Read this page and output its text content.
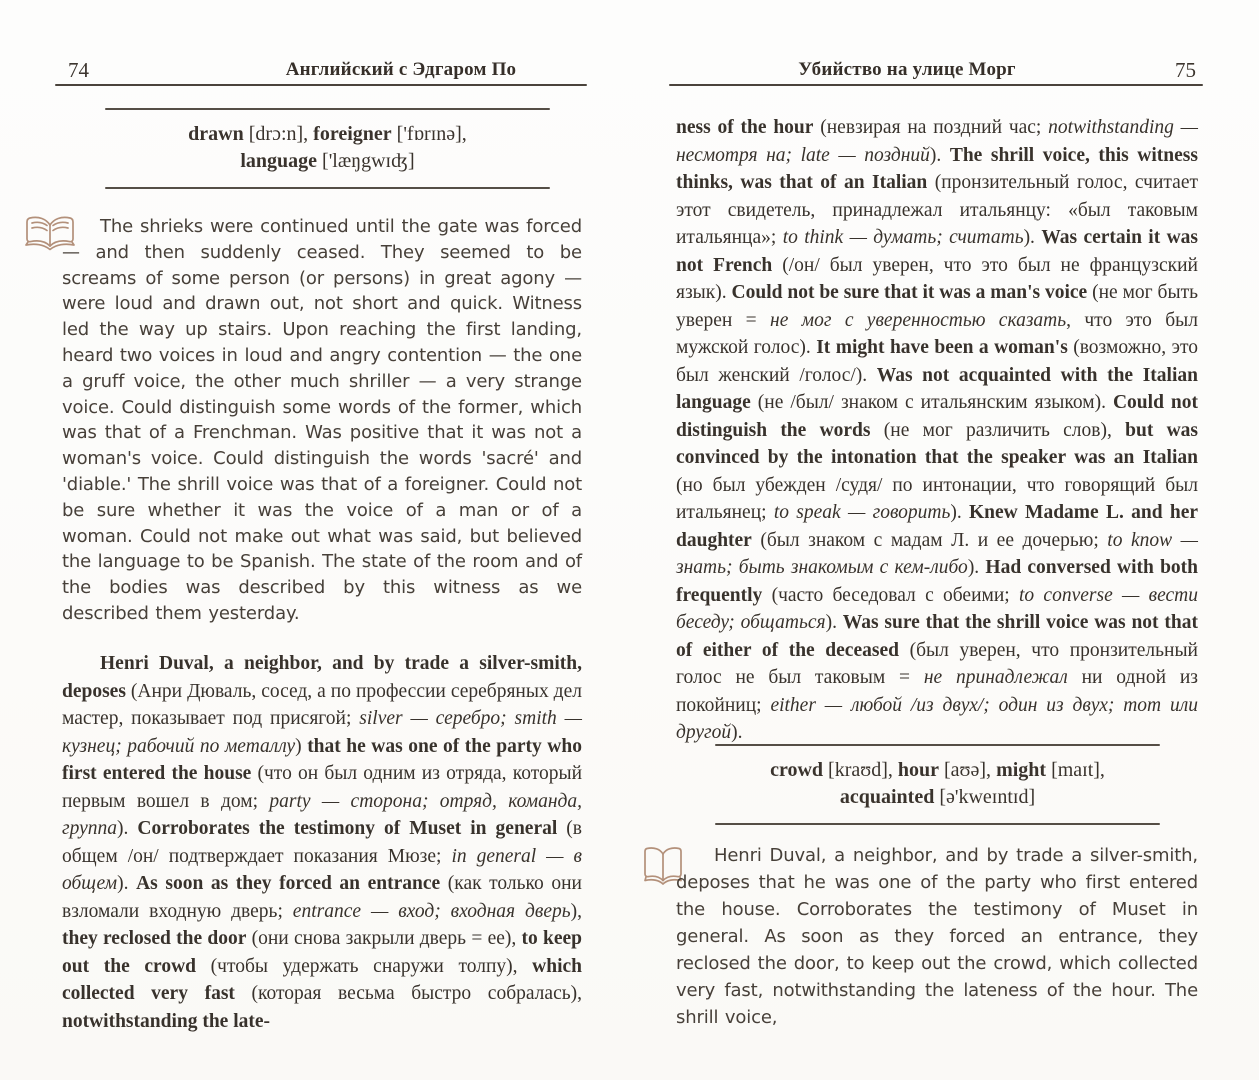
74	Английский с Эдгаром По
drawn [drɔ:n], foreigner ['fɒrɪnə],
language ['læŋgwɪʤ]
The shrieks were continued until the gate was forced — and then suddenly ceased. They seemed to be screams of some person (or persons) in great agony — were loud and drawn out, not short and quick. Witness led the way up stairs. Upon reaching the first landing, heard two voices in loud and angry contention — the one a gruff voice, the other much shriller — a very strange voice. Could distinguish some words of the former, which was that of a Frenchman. Was positive that it was not a woman's voice. Could distinguish the words 'sacré' and 'diable.' The shrill voice was that of a foreigner. Could not be sure whether it was the voice of a man or of a woman. Could not make out what was said, but believed the language to be Spanish. The state of the room and of the bodies was described by this witness as we described them yesterday.
Henri Duval, a neighbor, and by trade a silver-smith, deposes (Анри Дюваль, сосед, а по профессии серебряных дел мастер, показывает под присягой; silver — серебро; smith — кузнец; рабочий по металлу) that he was one of the party who first entered the house (что он был одним из отряда, который первым вошел в дом; party — сторона; отряд, команда, группа). Corroborates the testimony of Muset in general (в общем /он/ подтверждает показания Мюзе; in general — в общем). As soon as they forced an entrance (как только они взломали входную дверь; entrance — вход; входная дверь), they reclosed the door (они снова закрыли дверь = ее), to keep out the crowd (чтобы удержать снаружи толпу), which collected very fast (которая весьма быстро собралась), notwithstanding the late-
Убийство на улице Морг	75
ness of the hour (невзирая на поздний час; notwithstanding — несмотря на; late — поздний). The shrill voice, this witness thinks, was that of an Italian (пронзительный голос, считает этот свидетель, принадлежал итальянцу: «был таковым итальянца»; to think — думать; считать). Was certain it was not French (/он/ был уверен, что это был не французский язык). Could not be sure that it was a man's voice (не мог быть уверен = не мог с уверенностью сказать, что это был мужской голос). It might have been a woman's (возможно, это был женский /голос/). Was not acquainted with the Italian language (не /был/ знаком с итальянским языком). Could not distinguish the words (не мог различить слов), but was convinced by the intonation that the speaker was an Italian (но был убежден /судя/ по интонации, что говорящий был итальянец; to speak — говорить). Knew Madame L. and her daughter (был знаком с мадам Л. и ее дочерью; to know — знать; быть знакомым с кем-либо). Had conversed with both frequently (часто беседовал с обеими; to converse — вести беседу; общаться). Was sure that the shrill voice was not that of either of the deceased (был уверен, что пронзительный голос не был таковым = не принадлежал ни одной из покойниц; either — любой /из двух/; один из двух; тот или другой).
crowd [kraʊd], hour [aʊə], might [maɪt],
acquainted [ə'kweɪntɪd]
Henri Duval, a neighbor, and by trade a silver-smith, deposes that he was one of the party who first entered the house. Corroborates the testimony of Muset in general. As soon as they forced an entrance, they reclosed the door, to keep out the crowd, which collected very fast, notwithstanding the lateness of the hour. The shrill voice,
